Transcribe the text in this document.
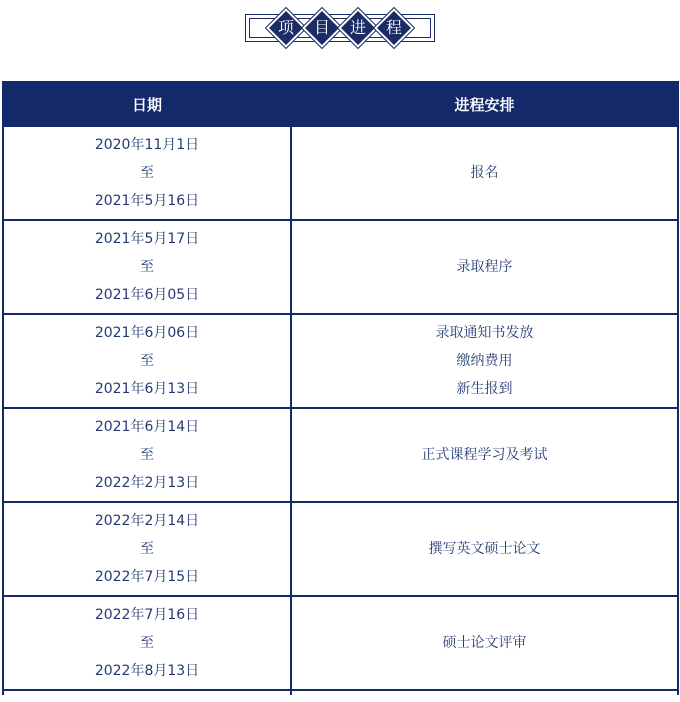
项	目	进	程
日期	进程安排

2020年11月1日
至
2021年5月16日	报名

2021年5月17日
至
2021年6月05日	录取程序

2021年6月06日
至
2021年6月13日	录取通知书发放
缴纳费用
新生报到

2021年6月14日
至
2022年2月13日	正式课程学习及考试

2022年2月14日
至
2022年7月15日	撰写英文硕士论文

2022年7月16日
至
2022年8月13日	硕士论文评审
